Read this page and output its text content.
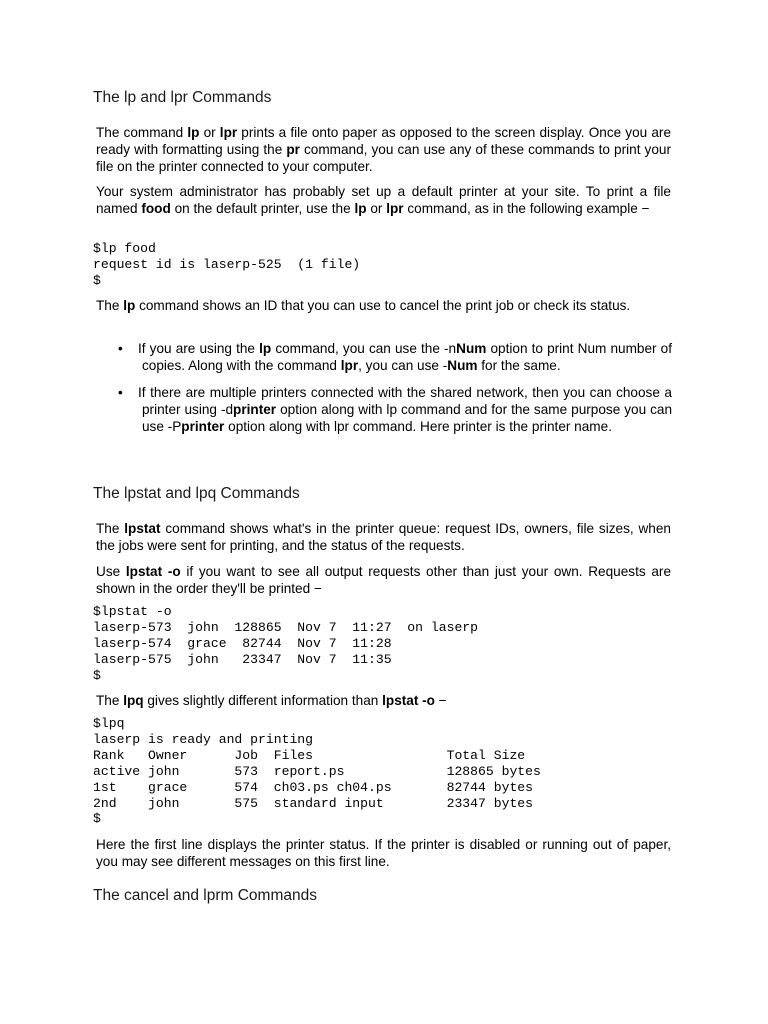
The lp and lpr Commands

The command lp or lpr prints a file onto paper as opposed to the screen display. Once you are ready with formatting using the pr command, you can use any of these commands to print your file on the printer connected to your computer.

Your system administrator has probably set up a default printer at your site. To print a file named food on the default printer, use the lp or lpr command, as in the following example −

$lp food
request id is laserp-525  (1 file)
$

The lp command shows an ID that you can use to cancel the print job or check its status.

• If you are using the lp command, you can use the -nNum option to print Num number of copies. Along with the command lpr, you can use -Num for the same.
• If there are multiple printers connected with the shared network, then you can choose a printer using -dprinter option along with lp command and for the same purpose you can use -Pprinter option along with lpr command. Here printer is the printer name.
The lpstat and lpq Commands

The lpstat command shows what's in the printer queue: request IDs, owners, file sizes, when the jobs were sent for printing, and the status of the requests.

Use lpstat -o if you want to see all output requests other than just your own. Requests are shown in the order they'll be printed −

$lpstat -o
laserp-573  john  128865  Nov 7  11:27  on laserp
laserp-574  grace  82744  Nov 7  11:28
laserp-575  john   23347  Nov 7  11:35
$

The lpq gives slightly different information than lpstat -o −

$lpq
laserp is ready and printing
Rank   Owner      Job  Files                 Total Size
active john       573  report.ps             128865 bytes
1st    grace      574  ch03.ps ch04.ps       82744 bytes
2nd    john       575  standard input        23347 bytes
$

Here the first line displays the printer status. If the printer is disabled or running out of paper, you may see different messages on this first line.

The cancel and lprm Commands
